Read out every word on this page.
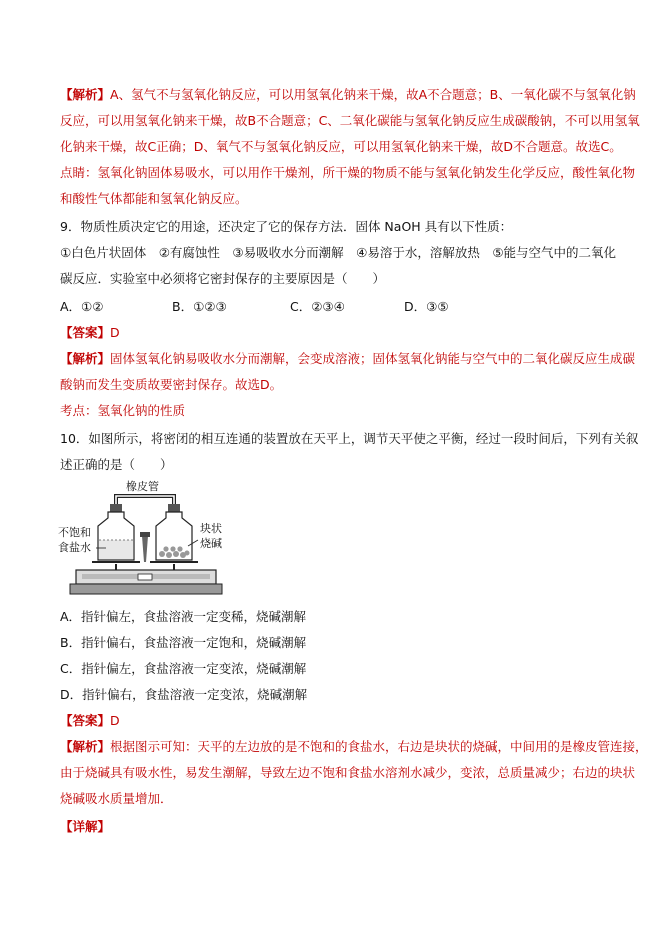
【解析】A、氢气不与氢氧化钠反应，可以用氢氧化钠来干燥，故A不合题意；B、一氧化碳不与氢氧化钠
反应，可以用氢氧化钠来干燥，故B不合题意；C、二氧化碳能与氢氧化钠反应生成碳酸钠，不可以用氢氧
化钠来干燥，故C正确；D、氧气不与氢氧化钠反应，可以用氢氧化钠来干燥，故D不合题意。故选C。
点睛：氢氧化钠固体易吸水，可以用作干燥剂，所干燥的物质不能与氢氧化钠发生化学反应，酸性氧化物
和酸性气体都能和氢氧化钠反应。
9．物质性质决定它的用途，还决定了它的保存方法．固体 NaOH 具有以下性质：
①白色片状固体　②有腐蚀性　③易吸收水分而潮解　④易溶于水，溶解放热　⑤能与空气中的二氧化
碳反应．实验室中必须将它密封保存的主要原因是（　　）
A．①②	B．①②③	C．②③④	D．③⑤
【答案】D
【解析】固体氢氧化钠易吸收水分而潮解，会变成溶液；固体氢氧化钠能与空气中的二氧化碳反应生成碳
酸钠而发生变质故要密封保存。故选D。
考点：氢氧化钠的性质
10．如图所示，将密闭的相互连通的装置放在天平上，调节天平使之平衡，经过一段时间后，下列有关叙
述正确的是（　　）
橡皮管
不饱和
食盐水
块状
烧碱
A．指针偏左，食盐溶液一定变稀，烧碱潮解
B．指针偏右，食盐溶液一定饱和，烧碱潮解
C．指针偏左，食盐溶液一定变浓，烧碱潮解
D．指针偏右，食盐溶液一定变浓，烧碱潮解
【答案】D
【解析】根据图示可知：天平的左边放的是不饱和的食盐水，右边是块状的烧碱，中间用的是橡皮管连接，
由于烧碱具有吸水性，易发生潮解，导致左边不饱和食盐水溶剂水减少，变浓，总质量减少；右边的块状
烧碱吸水质量增加．
【详解】
